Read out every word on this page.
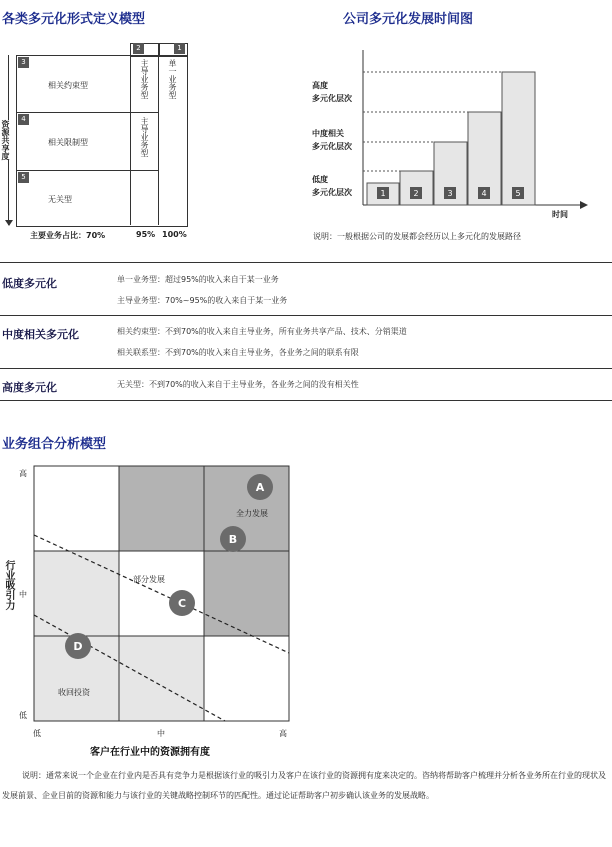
各类多元化形式定义模型
2	1
3
4
5
相关约束型
相关限制型
无关型
主导业务型
主导业务型
单一业务型
资源共享度
主要业务占比：70%	95% 100%
公司多元化发展时间图
1	2	3	4	5
高度
多元化层次
中度相关
多元化层次
低度
多元化层次
时间
说明：一般根据公司的发展都会经历以上多元化的发展路径
低度多元化	单一业务型：超过95%的收入来自于某一业务
主导业务型：70%~95%的收入来自于某一业务
中度相关多元化	相关约束型：不到70%的收入来自主导业务，所有业务共享产品、技术、分销渠道
相关联系型：不到70%的收入来自主导业务，各业务之间的联系有限
高度多元化	无关型：不到70%的收入来自于主导业务，各业务之间的没有相关性
业务组合分析模型
A
B
C
D
全力发展
部分发展
收回投资
高
中
低
低	中	高
客户在行业中的资源拥有度
行业吸引力
说明：通常来说一个企业在行业内是否具有竞争力是根据该行业的吸引力及客户在该行业的资源拥有度来决定的。咨纳将帮助客户梳理并分析各业务所在行业的现状及发展前景、企业目前的资源和能力与该行业的关键战略控制环节的匹配性。通过论证帮助客户初步确认该业务的发展战略。
